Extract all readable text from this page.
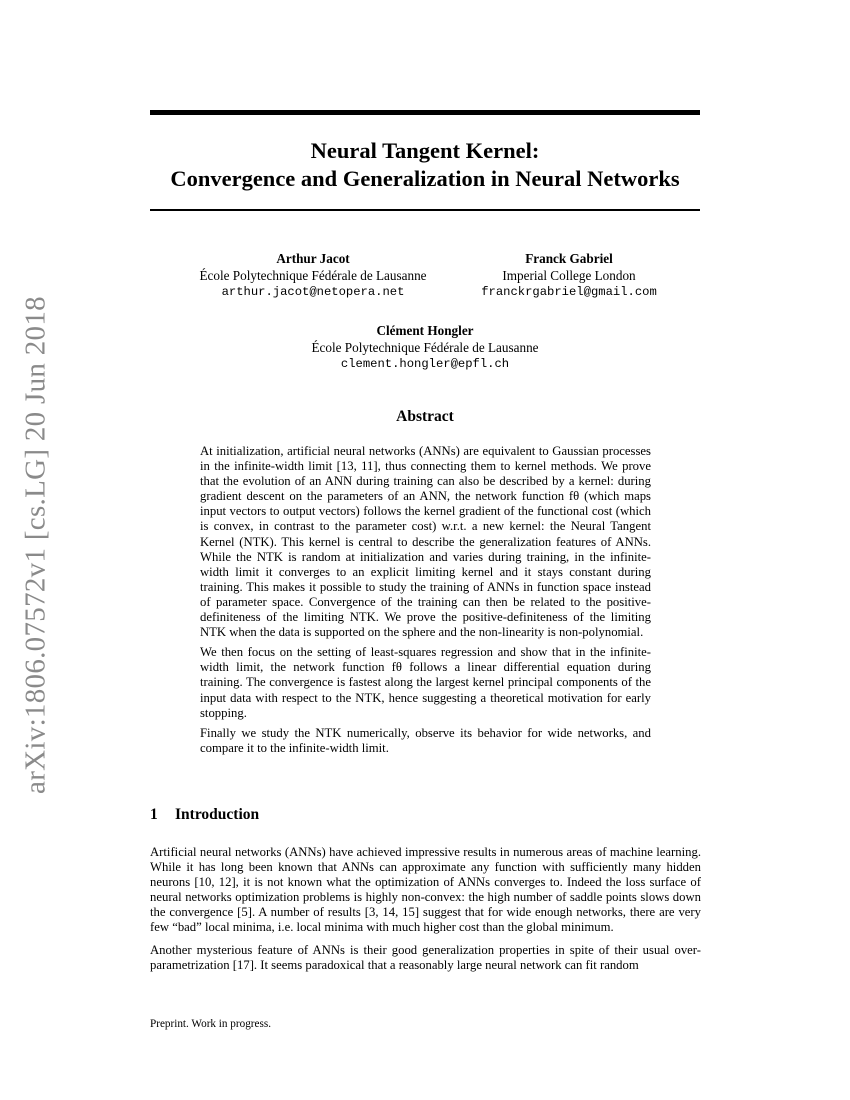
arXiv:1806.07572v1 [cs.LG] 20 Jun 2018
Neural Tangent Kernel:
Convergence and Generalization in Neural Networks
Arthur Jacot
École Polytechnique Fédérale de Lausanne
arthur.jacot@netopera.net
Franck Gabriel
Imperial College London
franckrgabriel@gmail.com
Clément Hongler
École Polytechnique Fédérale de Lausanne
clement.hongler@epfl.ch
Abstract

At initialization, artificial neural networks (ANNs) are equivalent to Gaussian processes in the infinite-width limit [13, 11], thus connecting them to kernel methods. We prove that the evolution of an ANN during training can also be described by a kernel: during gradient descent on the parameters of an ANN, the network function fθ (which maps input vectors to output vectors) follows the kernel gradient of the functional cost (which is convex, in contrast to the parameter cost) w.r.t. a new kernel: the Neural Tangent Kernel (NTK). This kernel is central to describe the generalization features of ANNs. While the NTK is random at initialization and varies during training, in the infinite-width limit it converges to an explicit limiting kernel and it stays constant during training. This makes it possible to study the training of ANNs in function space instead of parameter space. Convergence of the training can then be related to the positive-definiteness of the limiting NTK. We prove the positive-definiteness of the limiting NTK when the data is supported on the sphere and the non-linearity is non-polynomial.

We then focus on the setting of least-squares regression and show that in the infinite-width limit, the network function fθ follows a linear differential equation during training. The convergence is fastest along the largest kernel principal components of the input data with respect to the NTK, hence suggesting a theoretical motivation for early stopping.

Finally we study the NTK numerically, observe its behavior for wide networks, and compare it to the infinite-width limit.

1 Introduction

Artificial neural networks (ANNs) have achieved impressive results in numerous areas of machine learning. While it has long been known that ANNs can approximate any function with sufficiently many hidden neurons [10, 12], it is not known what the optimization of ANNs converges to. Indeed the loss surface of neural networks optimization problems is highly non-convex: the high number of saddle points slows down the convergence [5]. A number of results [3, 14, 15] suggest that for wide enough networks, there are very few “bad” local minima, i.e. local minima with much higher cost than the global minimum.

Another mysterious feature of ANNs is their good generalization properties in spite of their usual over-parametrization [17]. It seems paradoxical that a reasonably large neural network can fit random

Preprint. Work in progress.
